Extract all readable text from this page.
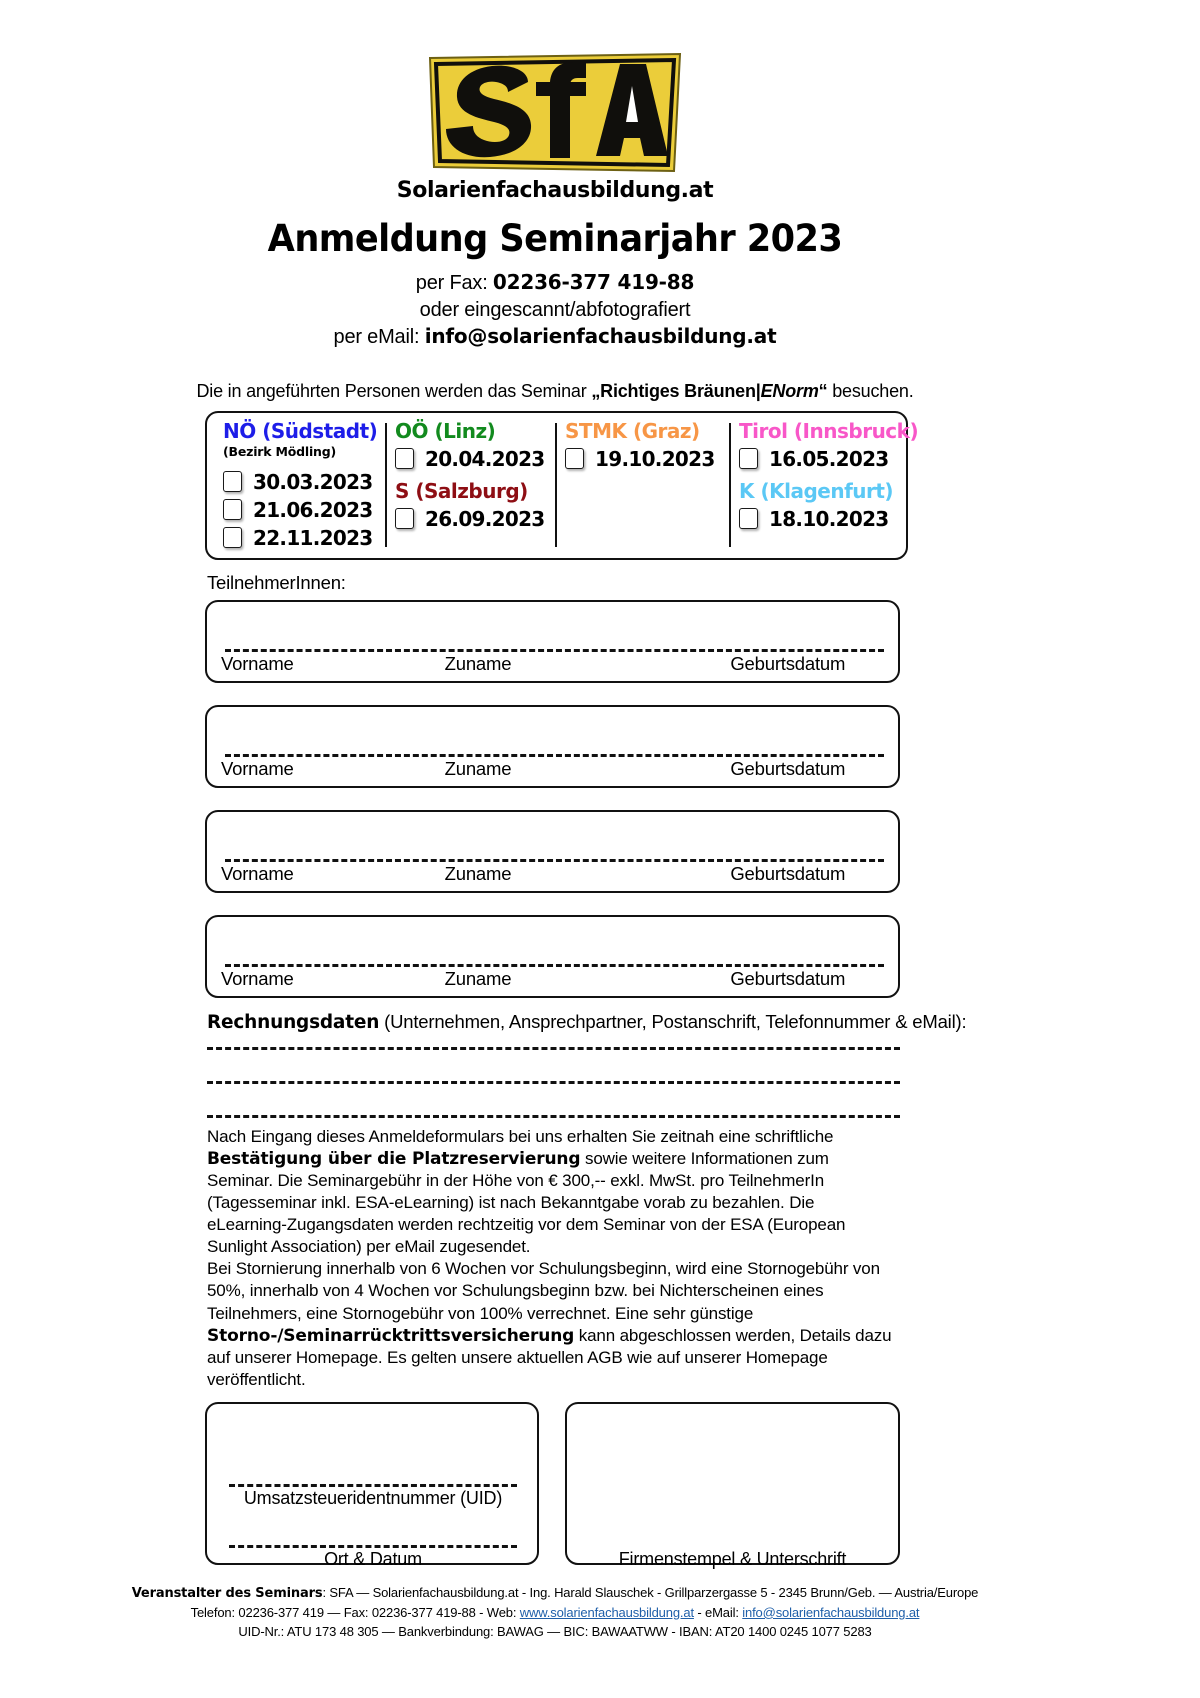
Solarienfachausbildung.at
Anmeldung Seminarjahr 2023
per Fax: 02236-377 419-88
oder eingescannt/abfotografiert
per eMail: info@solarienfachausbildung.at
Die in angeführten Personen werden das Seminar „Richtiges Bräunen|ENorm“ besuchen.
NÖ (Südstadt)
(Bezirk Mödling)
30.03.2023
21.06.2023
22.11.2023
OÖ (Linz)
20.04.2023
S (Salzburg)
26.09.2023
STMK (Graz)
19.10.2023
Tirol (Innsbruck)
16.05.2023
K (Klagenfurt)
18.10.2023
TeilnehmerInnen:
Vorname	Zuname	Geburtsdatum
Vorname	Zuname	Geburtsdatum
Vorname	Zuname	Geburtsdatum
Vorname	Zuname	Geburtsdatum
Rechnungsdaten (Unternehmen, Ansprechpartner, Postanschrift, Telefonnummer & eMail):

Nach Eingang dieses Anmeldeformulars bei uns erhalten Sie zeitnah eine schriftliche Bestätigung über die Platzreservierung sowie weitere Informationen zum Seminar. Die Seminargebühr in der Höhe von € 300,-- exkl. MwSt. pro TeilnehmerIn (Tagesseminar inkl. ESA-eLearning) ist nach Bekanntgabe vorab zu bezahlen. Die eLearning-Zugangsdaten werden rechtzeitig vor dem Seminar von der ESA (European Sunlight Association) per eMail zugesendet.

Bei Stornierung innerhalb von 6 Wochen vor Schulungsbeginn, wird eine Stornogebühr von 50%, innerhalb von 4 Wochen vor Schulungsbeginn bzw. bei Nichterscheinen eines Teilnehmers, eine Stornogebühr von 100% verrechnet. Eine sehr günstige Storno-/Seminarrücktrittsversicherung kann abgeschlossen werden, Details dazu auf unserer Homepage. Es gelten unsere aktuellen AGB wie auf unserer Homepage veröffentlicht.

Umsatzsteueridentnummer (UID)
Ort & Datum	Firmenstempel & Unterschrift
Veranstalter des Seminars: SFA — Solarienfachausbildung.at - Ing. Harald Slauschek - Grillparzergasse 5 - 2345 Brunn/Geb. — Austria/Europe
Telefon: 02236-377 419 — Fax: 02236-377 419-88 - Web: www.solarienfachausbildung.at - eMail: info@solarienfachausbildung.at
UID-Nr.: ATU 173 48 305 — Bankverbindung: BAWAG — BIC: BAWAATWW - IBAN: AT20 1400 0245 1077 5283
